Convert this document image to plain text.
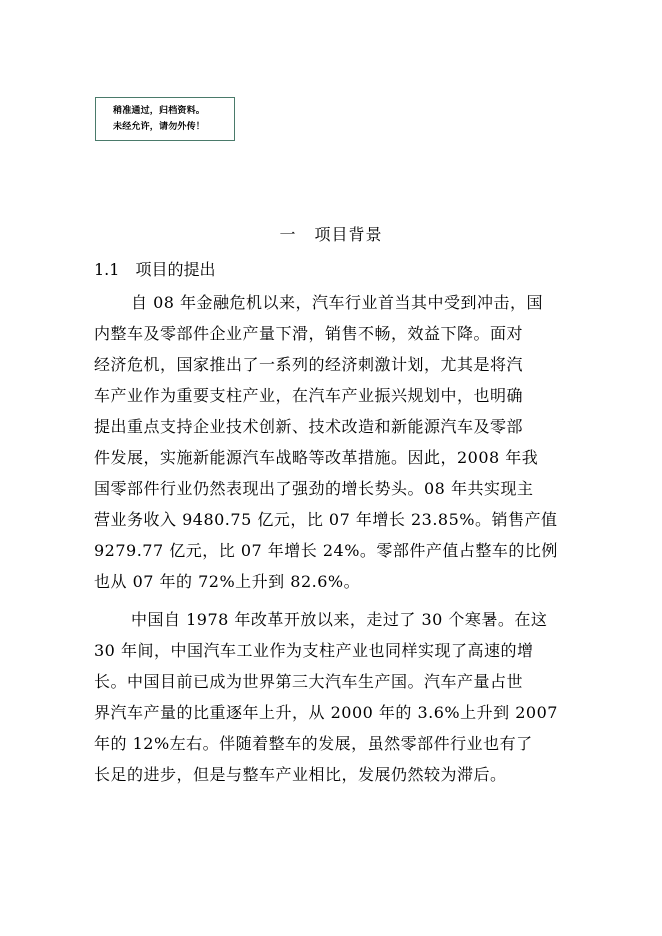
稍准通过，归档资料。
未经允许，请勿外传！
一 项目背景
1.1 项目的提出
自 08 年金融危机以来，汽车行业首当其中受到冲击，国
内整车及零部件企业产量下滑，销售不畅，效益下降。面对
经济危机，国家推出了一系列的经济刺激计划，尤其是将汽
车产业作为重要支柱产业，在汽车产业振兴规划中，也明确
提出重点支持企业技术创新、技术改造和新能源汽车及零部
件发展，实施新能源汽车战略等改革措施。因此，2008 年我
国零部件行业仍然表现出了强劲的增长势头。08 年共实现主
营业务收入 9480.75 亿元，比 07 年增长 23.85%。销售产值
9279.77 亿元，比 07 年增长 24%。零部件产值占整车的比例
也从 07 年的 72%上升到 82.6%。
中国自 1978 年改革开放以来，走过了 30 个寒暑。在这
30 年间，中国汽车工业作为支柱产业也同样实现了高速的增
长。中国目前已成为世界第三大汽车生产国。汽车产量占世
界汽车产量的比重逐年上升，从 2000 年的 3.6%上升到 2007
年的 12%左右。伴随着整车的发展，虽然零部件行业也有了
长足的进步，但是与整车产业相比，发展仍然较为滞后。
